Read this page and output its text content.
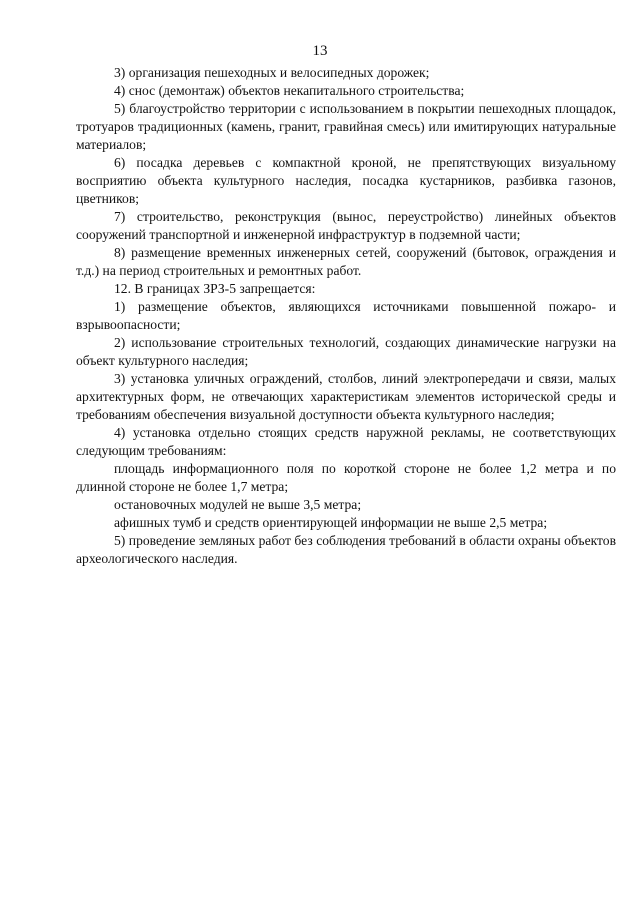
13

3) организация пешеходных и велосипедных дорожек;

4) снос (демонтаж) объектов некапитального строительства;

5) благоустройство территории с использованием в покрытии пешеходных площадок, тротуаров традиционных (камень, гранит, гравийная смесь) или имитирующих натуральные материалов;

6) посадка деревьев с компактной кроной, не препятствующих визуальному восприятию объекта культурного наследия, посадка кустарников, разбивка газонов, цветников;

7) строительство, реконструкция (вынос, переустройство) линейных объектов сооружений транспортной и инженерной инфраструктур в подземной части;

8) размещение временных инженерных сетей, сооружений (бытовок, ограждения и т.д.) на период строительных и ремонтных работ.

12. В границах ЗРЗ-5 запрещается:

1) размещение объектов, являющихся источниками повышенной пожаро- и взрывоопасности;

2) использование строительных технологий, создающих динамические нагрузки на объект культурного наследия;

3) установка уличных ограждений, столбов, линий электропередачи и связи, малых архитектурных форм, не отвечающих характеристикам элементов исторической среды и требованиям обеспечения визуальной доступности объекта культурного наследия;

4) установка отдельно стоящих средств наружной рекламы, не соответствующих следующим требованиям:

площадь информационного поля по короткой стороне не более 1,2 метра и по длинной стороне не более 1,7 метра;

остановочных модулей не выше 3,5 метра;

афишных тумб и средств ориентирующей информации не выше 2,5 метра;

5) проведение земляных работ без соблюдения требований в области охраны объектов археологического наследия.
